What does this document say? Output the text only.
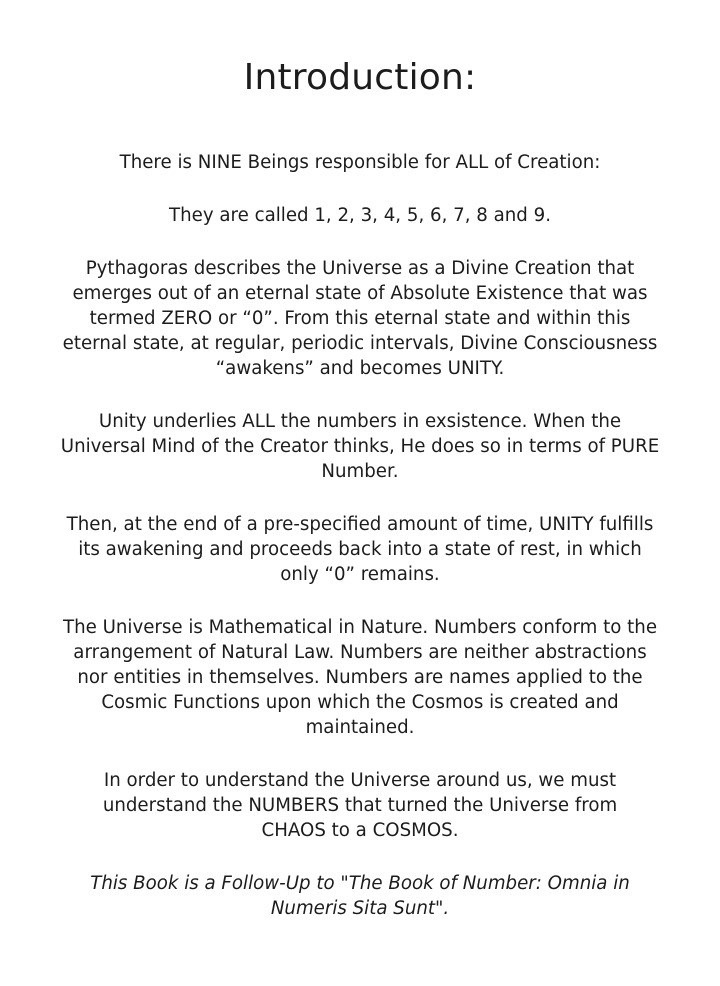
Introduction:

There is NINE Beings responsible for ALL of Creation:

They are called 1, 2, 3, 4, 5, 6, 7, 8 and 9.

Pythagoras describes the Universe as a Divine Creation that emerges out of an eternal state of Absolute Existence that was termed ZERO or “0”. From this eternal state and within this eternal state, at regular, periodic intervals, Divine Consciousness “awakens” and becomes UNITY.

Unity underlies ALL the numbers in exsistence. When the Universal Mind of the Creator thinks, He does so in terms of PURE Number.

Then, at the end of a pre-specified amount of time, UNITY fulfills its awakening and proceeds back into a state of rest, in which only “0” remains.

The Universe is Mathematical in Nature. Numbers conform to the arrangement of Natural Law. Numbers are neither abstractions nor entities in themselves. Numbers are names applied to the Cosmic Functions upon which the Cosmos is created and maintained.

In order to understand the Universe around us, we must understand the NUMBERS that turned the Universe from CHAOS to a COSMOS.

This Book is a Follow-Up to "The Book of Number: Omnia in Numeris Sita Sunt".
